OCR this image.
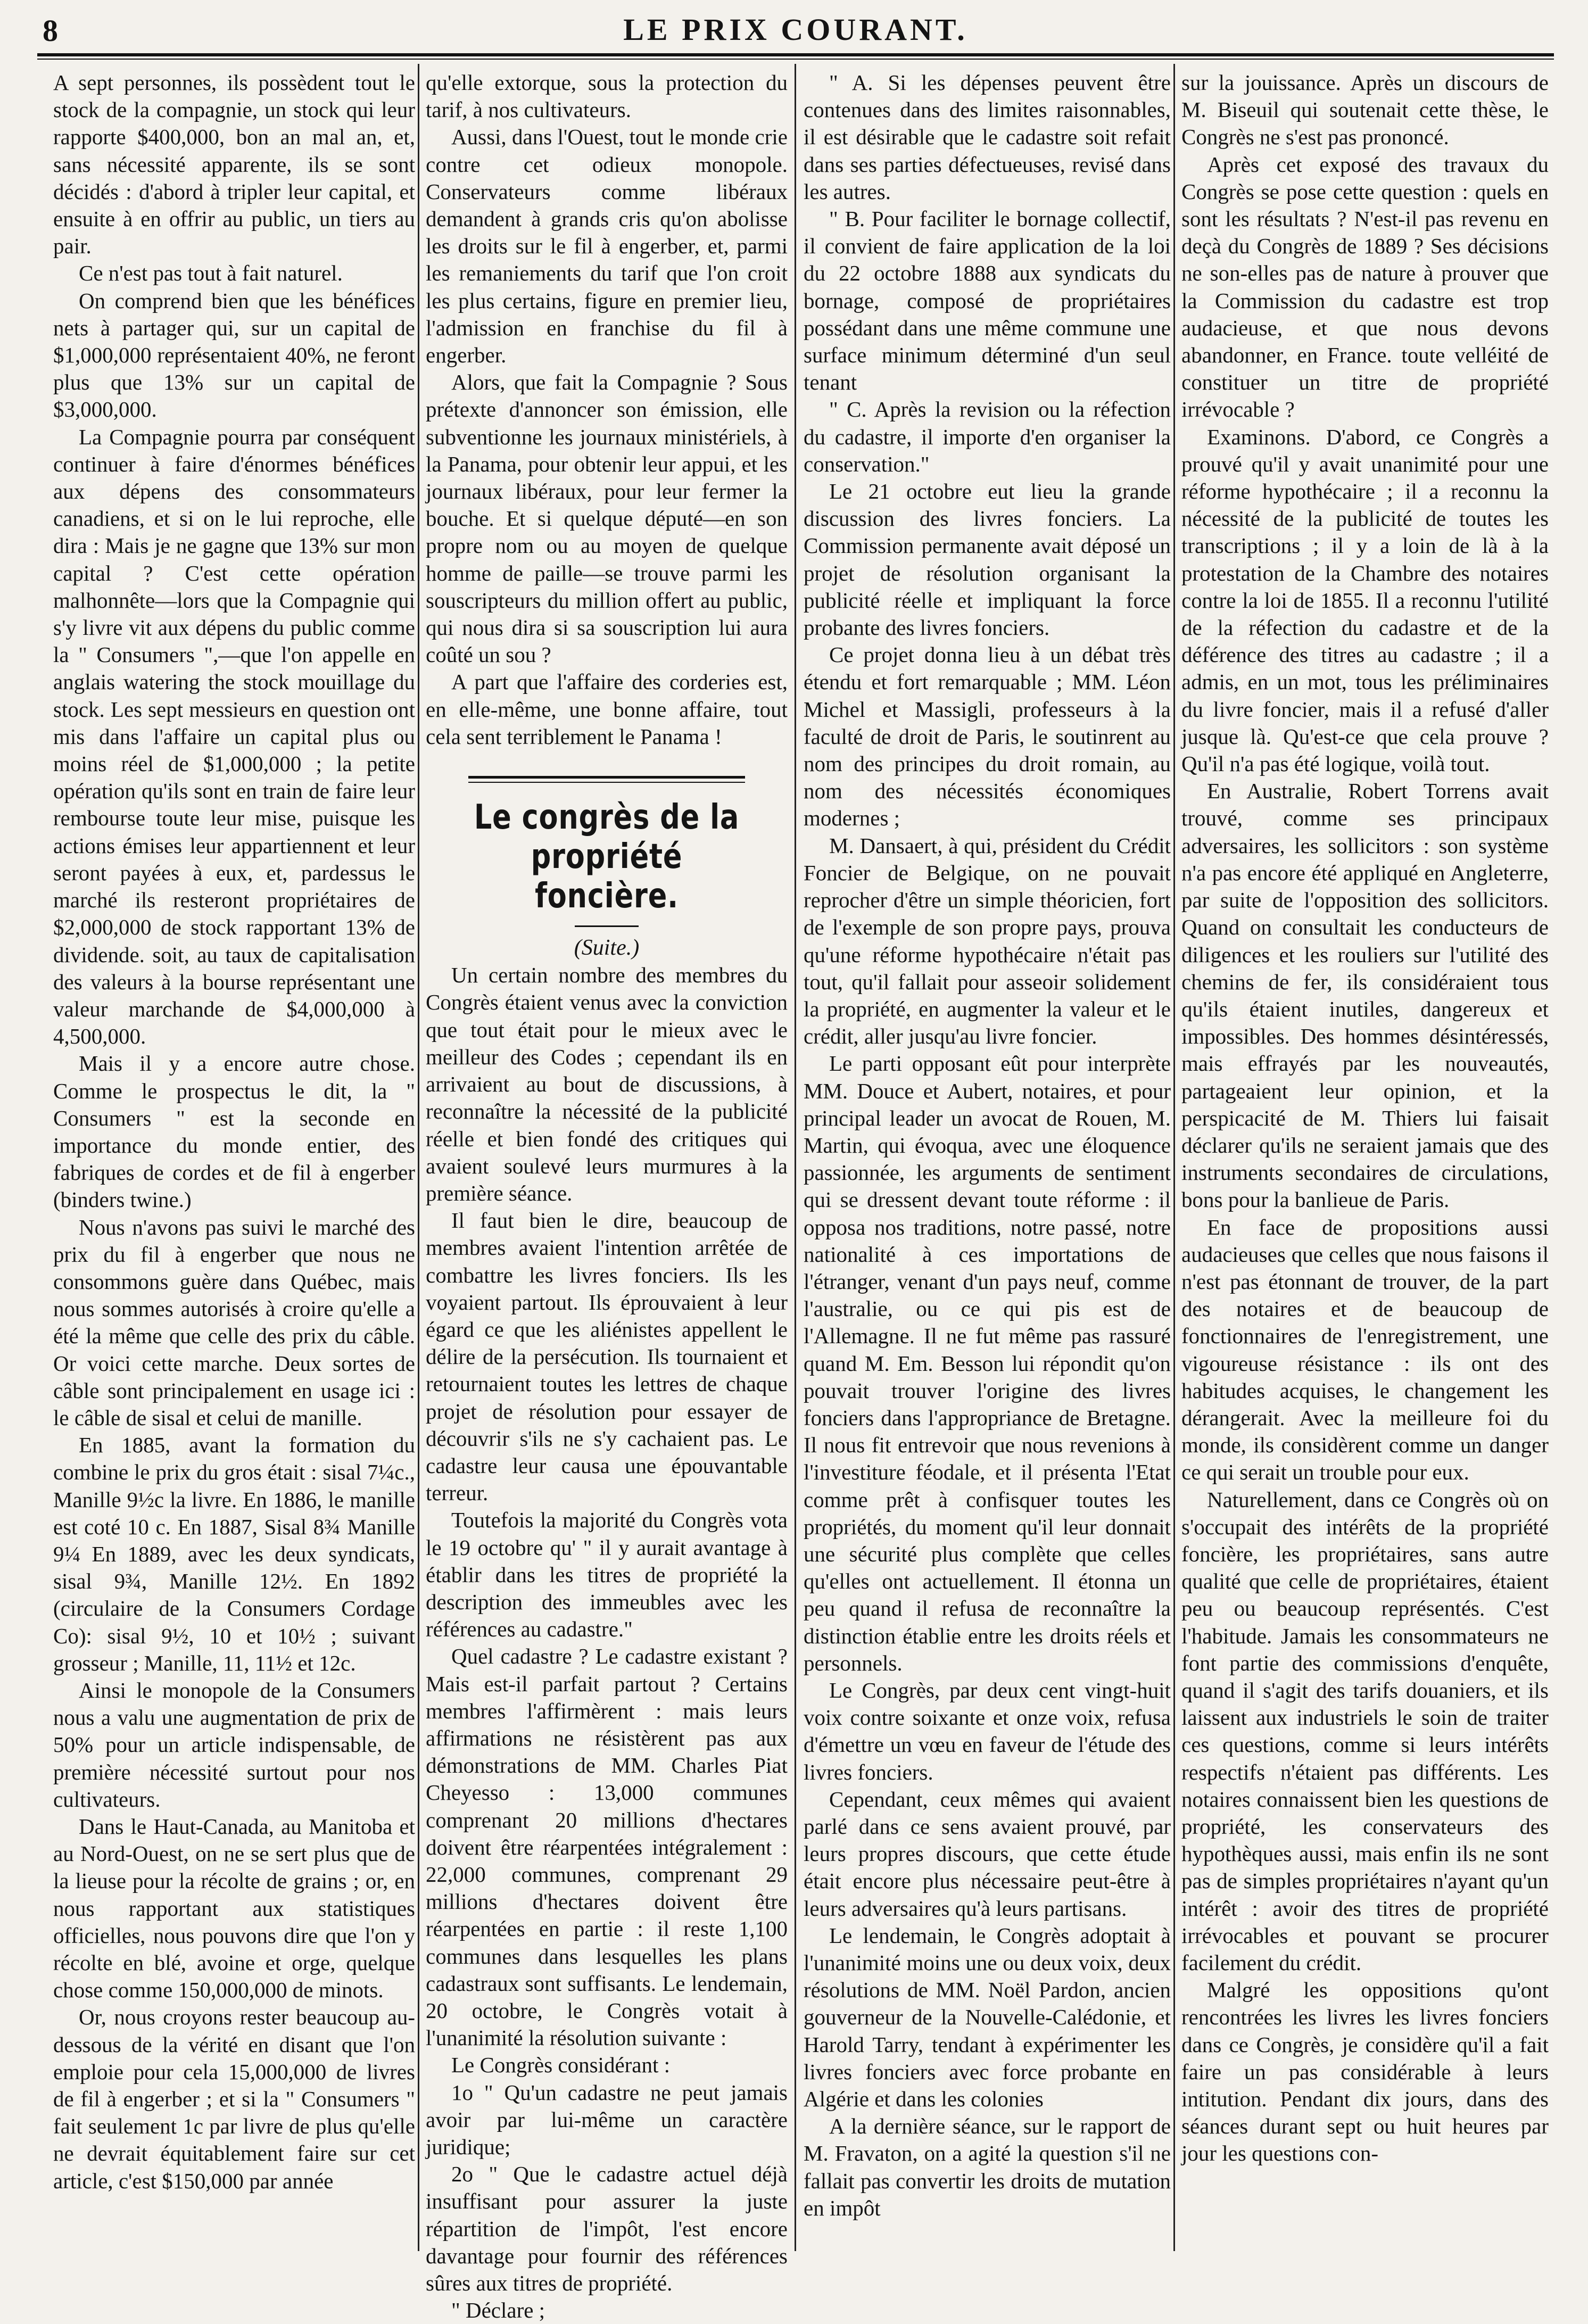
8	LE PRIX COURANT.

A sept personnes, ils possèdent tout le stock de la compagnie, un stock qui leur rapporte $400,000, bon an mal an, et, sans nécessité apparente, ils se sont décidés : d'abord à tripler leur capital, et ensuite à en offrir au public, un tiers au pair.

Ce n'est pas tout à fait naturel.

On comprend bien que les bénéfices nets à partager qui, sur un capital de $1,000,000 représentaient 40%, ne feront plus que 13% sur un capital de $3,000,000.

La Compagnie pourra par conséquent continuer à faire d'énormes bénéfices aux dépens des consommateurs canadiens, et si on le lui reproche, elle dira : Mais je ne gagne que 13% sur mon capital ? C'est cette opération malhonnête—lors que la Compagnie qui s'y livre vit aux dépens du public comme la " Consumers ",—que l'on appelle en anglais watering the stock mouillage du stock. Les sept messieurs en question ont mis dans l'affaire un capital plus ou moins réel de $1,000,000 ; la petite opération qu'ils sont en train de faire leur rembourse toute leur mise, puisque les actions émises leur appartiennent et leur seront payées à eux, et, pardessus le marché ils resteront propriétaires de $2,000,000 de stock rapportant 13% de dividende. soit, au taux de capitalisation des valeurs à la bourse représentant une valeur marchande de $4,000,000 à 4,500,000.

Mais il y a encore autre chose. Comme le prospectus le dit, la " Consumers " est la seconde en importance du monde entier, des fabriques de cordes et de fil à engerber (binders twine.)

Nous n'avons pas suivi le marché des prix du fil à engerber que nous ne consommons guère dans Québec, mais nous sommes autorisés à croire qu'elle a été la même que celle des prix du câble. Or voici cette marche. Deux sortes de câble sont principalement en usage ici : le câble de sisal et celui de manille.

En 1885, avant la formation du combine le prix du gros était : sisal 7¼c., Manille 9½c la livre. En 1886, le manille est coté 10 c. En 1887, Sisal 8¾ Manille 9¼ En 1889, avec les deux syndicats, sisal 9¾, Manille 12½. En 1892 (circulaire de la Consumers Cordage Co): sisal 9½, 10 et 10½ ; suivant grosseur ; Manille, 11, 11½ et 12c.

Ainsi le monopole de la Consumers nous a valu une augmentation de prix de 50% pour un article indispensable, de première nécessité surtout pour nos cultivateurs.

Dans le Haut-Canada, au Manitoba et au Nord-Ouest, on ne se sert plus que de la lieuse pour la récolte de grains ; or, en nous rapportant aux statistiques officielles, nous pouvons dire que l'on y récolte en blé, avoine et orge, quelque chose comme 150,000,000 de minots.

Or, nous croyons rester beaucoup au-dessous de la vérité en disant que l'on emploie pour cela 15,000,000 de livres de fil à engerber ; et si la " Consumers " fait seulement 1c par livre de plus qu'elle ne devrait équitablement faire sur cet article, c'est $150,000 par année

qu'elle extorque, sous la protection du tarif, à nos cultivateurs.

Aussi, dans l'Ouest, tout le monde crie contre cet odieux monopole. Conservateurs comme libéraux demandent à grands cris qu'on abolisse les droits sur le fil à engerber, et, parmi les remaniements du tarif que l'on croit les plus certains, figure en premier lieu, l'admission en franchise du fil à engerber.

Alors, que fait la Compagnie ? Sous prétexte d'annoncer son émission, elle subventionne les journaux ministériels, à la Panama, pour obtenir leur appui, et les journaux libéraux, pour leur fermer la bouche. Et si quelque député—en son propre nom ou au moyen de quelque homme de paille—se trouve parmi les souscripteurs du million offert au public, qui nous dira si sa souscription lui aura coûté un sou ?

A part que l'affaire des corderies est, en elle-même, une bonne affaire, tout cela sent terriblement le Panama !

Le congrès de la propriété foncière.

(Suite.)

Un certain nombre des membres du Congrès étaient venus avec la conviction que tout était pour le mieux avec le meilleur des Codes ; cependant ils en arrivaient au bout de discussions, à reconnaître la nécessité de la publicité réelle et bien fondé des critiques qui avaient soulevé leurs murmures à la première séance.

Il faut bien le dire, beaucoup de membres avaient l'intention arrêtée de combattre les livres fonciers. Ils les voyaient partout. Ils éprouvaient à leur égard ce que les aliénistes appellent le délire de la persécution. Ils tournaient et retournaient toutes les lettres de chaque projet de résolution pour essayer de découvrir s'ils ne s'y cachaient pas. Le cadastre leur causa une épouvantable terreur.

Toutefois la majorité du Congrès vota le 19 octobre qu' " il y aurait avantage à établir dans les titres de propriété la description des immeubles avec les références au cadastre."

Quel cadastre ? Le cadastre existant ? Mais est-il parfait partout ? Certains membres l'affirmèrent : mais leurs affirmations ne résistèrent pas aux démonstrations de MM. Charles Piat Cheyesso : 13,000 communes comprenant 20 millions d'hectares doivent être réarpentées intégralement : 22,000 communes, comprenant 29 millions d'hectares doivent être réarpentées en partie : il reste 1,100 communes dans lesquelles les plans cadastraux sont suffisants. Le lendemain, 20 octobre, le Congrès votait à l'unanimité la résolution suivante :

Le Congrès considérant :

1o " Qu'un cadastre ne peut jamais avoir par lui-même un caractère juridique;

2o " Que le cadastre actuel déjà insuffisant pour assurer la juste répartition de l'impôt, l'est encore davantage pour fournir des références sûres aux titres de propriété.

" Déclare ;

" A. Si les dépenses peuvent être contenues dans des limites raisonnables, il est désirable que le cadastre soit refait dans ses parties défectueuses, revisé dans les autres.

" B. Pour faciliter le bornage collectif, il convient de faire application de la loi du 22 octobre 1888 aux syndicats du bornage, composé de propriétaires possédant dans une même commune une surface minimum déterminé d'un seul tenant

" C. Après la revision ou la réfection du cadastre, il importe d'en organiser la conservation."

Le 21 octobre eut lieu la grande discussion des livres fonciers. La Commission permanente avait déposé un projet de résolution organisant la publicité réelle et impliquant la force probante des livres fonciers.

Ce projet donna lieu à un débat très étendu et fort remarquable ; MM. Léon Michel et Massigli, professeurs à la faculté de droit de Paris, le soutinrent au nom des principes du droit romain, au nom des nécessités économiques modernes ;

M. Dansaert, à qui, président du Crédit Foncier de Belgique, on ne pouvait reprocher d'être un simple théoricien, fort de l'exemple de son propre pays, prouva qu'une réforme hypothécaire n'était pas tout, qu'il fallait pour asseoir solidement la propriété, en augmenter la valeur et le crédit, aller jusqu'au livre foncier.

Le parti opposant eût pour interprète MM. Douce et Aubert, notaires, et pour principal leader un avocat de Rouen, M. Martin, qui évoqua, avec une éloquence passionnée, les arguments de sentiment qui se dressent devant toute réforme : il opposa nos traditions, notre passé, notre nationalité à ces importations de l'étranger, venant d'un pays neuf, comme l'australie, ou ce qui pis est de l'Allemagne. Il ne fut même pas rassuré quand M. Em. Besson lui répondit qu'on pouvait trouver l'origine des livres fonciers dans l'appropriance de Bretagne. Il nous fit entrevoir que nous revenions à l'investiture féodale, et il présenta l'Etat comme prêt à confisquer toutes les propriétés, du moment qu'il leur donnait une sécurité plus complète que celles qu'elles ont actuellement. Il étonna un peu quand il refusa de reconnaître la distinction établie entre les droits réels et personnels.

Le Congrès, par deux cent vingt-huit voix contre soixante et onze voix, refusa d'émettre un vœu en faveur de l'étude des livres fonciers.

Cependant, ceux mêmes qui avaient parlé dans ce sens avaient prouvé, par leurs propres discours, que cette étude était encore plus nécessaire peut-être à leurs adversaires qu'à leurs partisans.

Le lendemain, le Congrès adoptait à l'unanimité moins une ou deux voix, deux résolutions de MM. Noël Pardon, ancien gouverneur de la Nouvelle-Calédonie, et Harold Tarry, tendant à expérimenter les livres fonciers avec force probante en Algérie et dans les colonies

A la dernière séance, sur le rapport de M. Fravaton, on a agité la question s'il ne fallait pas convertir les droits de mutation en impôt

sur la jouissance. Après un discours de M. Biseuil qui soutenait cette thèse, le Congrès ne s'est pas prononcé.

Après cet exposé des travaux du Congrès se pose cette question : quels en sont les résultats ? N'est-il pas revenu en deçà du Congrès de 1889 ? Ses décisions ne son-elles pas de nature à prouver que la Commission du cadastre est trop audacieuse, et que nous devons abandonner, en France. toute velléité de constituer un titre de propriété irrévocable ?

Examinons. D'abord, ce Congrès a prouvé qu'il y avait unanimité pour une réforme hypothécaire ; il a reconnu la nécessité de la publicité de toutes les transcriptions ; il y a loin de là à la protestation de la Chambre des notaires contre la loi de 1855. Il a reconnu l'utilité de la réfection du cadastre et de la déférence des titres au cadastre ; il a admis, en un mot, tous les préliminaires du livre foncier, mais il a refusé d'aller jusque là. Qu'est-ce que cela prouve ? Qu'il n'a pas été logique, voilà tout.

En Australie, Robert Torrens avait trouvé, comme ses principaux adversaires, les sollicitors : son système n'a pas encore été appliqué en Angleterre, par suite de l'opposition des sollicitors. Quand on consultait les conducteurs de diligences et les rouliers sur l'utilité des chemins de fer, ils considéraient tous qu'ils étaient inutiles, dangereux et impossibles. Des hommes désintéressés, mais effrayés par les nouveautés, partageaient leur opinion, et la perspicacité de M. Thiers lui faisait déclarer qu'ils ne seraient jamais que des instruments secondaires de circulations, bons pour la banlieue de Paris.

En face de propositions aussi audacieuses que celles que nous faisons il n'est pas étonnant de trouver, de la part des notaires et de beaucoup de fonctionnaires de l'enregistrement, une vigoureuse résistance : ils ont des habitudes acquises, le changement les dérangerait. Avec la meilleure foi du monde, ils considèrent comme un danger ce qui serait un trouble pour eux.

Naturellement, dans ce Congrès où on s'occupait des intérêts de la propriété foncière, les propriétaires, sans autre qualité que celle de propriétaires, étaient peu ou beaucoup représentés. C'est l'habitude. Jamais les consommateurs ne font partie des commissions d'enquête, quand il s'agit des tarifs douaniers, et ils laissent aux industriels le soin de traiter ces questions, comme si leurs intérêts respectifs n'étaient pas différents. Les notaires connaissent bien les questions de propriété, les conservateurs des hypothèques aussi, mais enfin ils ne sont pas de simples propriétaires n'ayant qu'un intérêt : avoir des titres de propriété irrévocables et pouvant se procurer facilement du crédit.

Malgré les oppositions qu'ont rencontrées les livres les livres fonciers dans ce Congrès, je considère qu'il a fait faire un pas considérable à leurs intitution. Pendant dix jours, dans des séances durant sept ou huit heures par jour les questions con-
